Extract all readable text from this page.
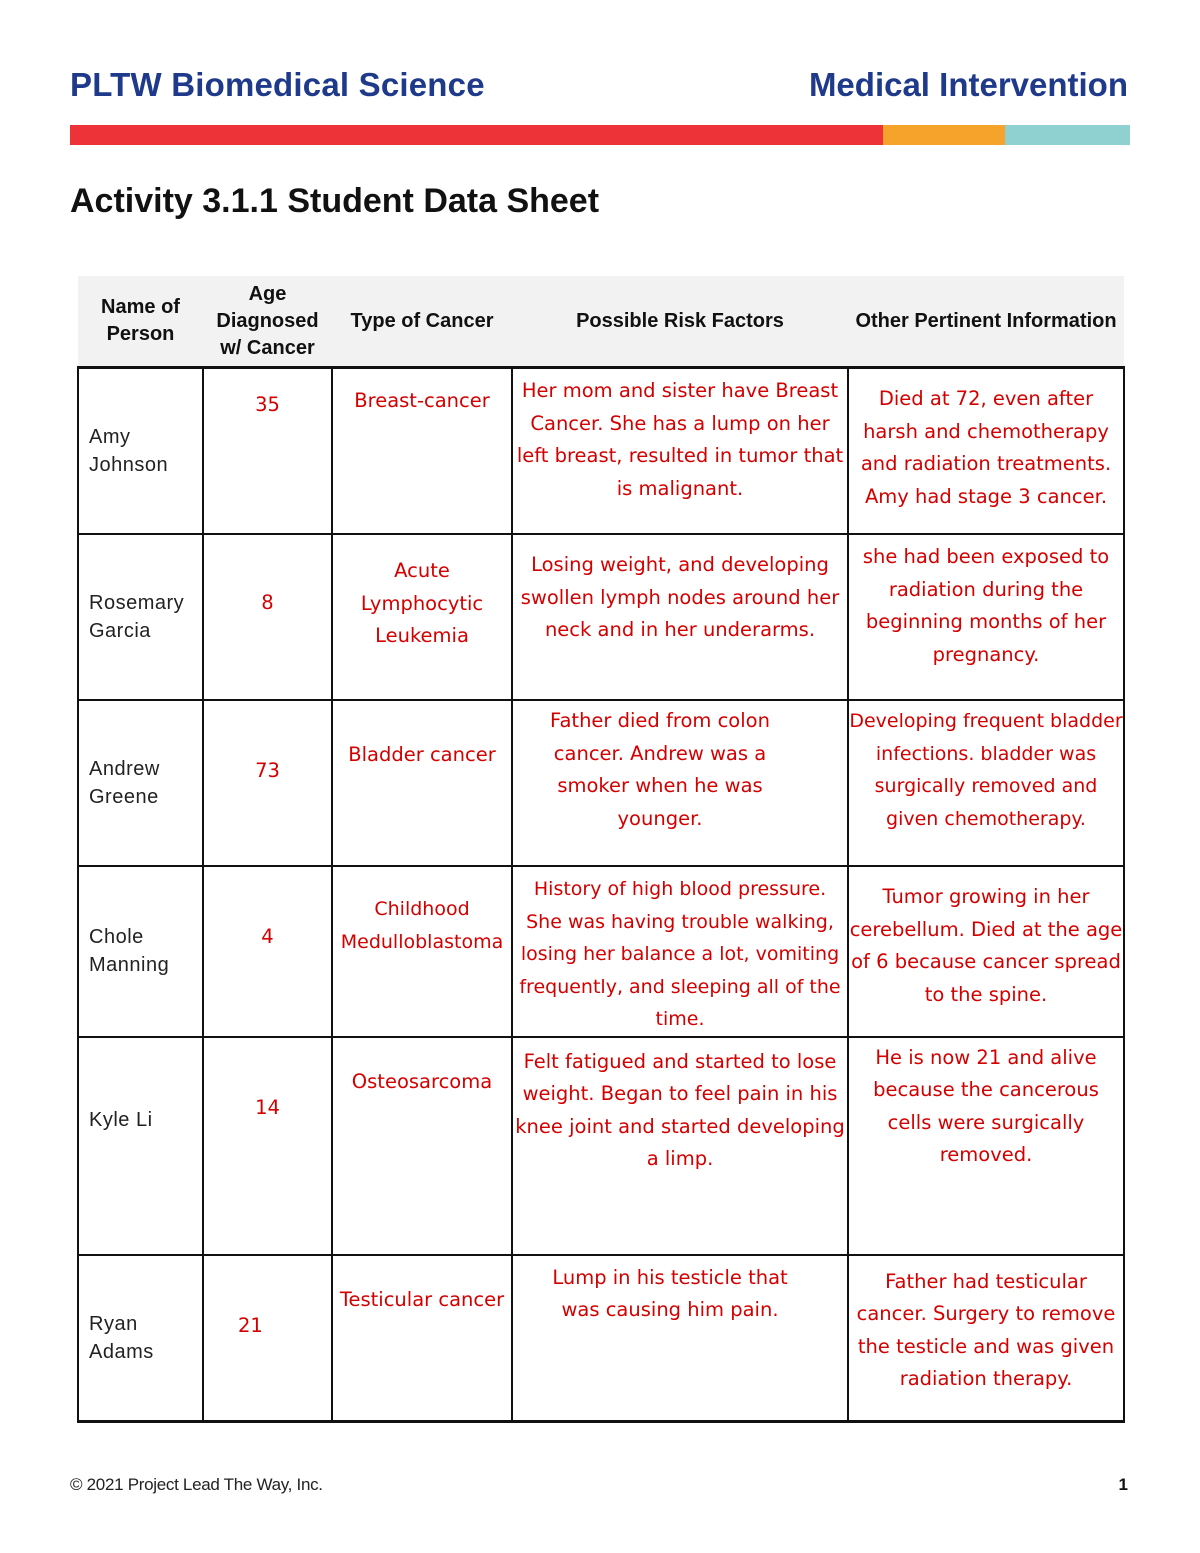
PLTW Biomedical Science	Medical Intervention
Activity 3.1.1 Student Data Sheet
Name of Person	Age Diagnosed w/ Cancer	Type of Cancer	Possible Risk Factors	Other Pertinent Information
Amy Johnson	35	Breast-cancer	Her mom and sister have Breast Cancer. She has a lump on her left breast, resulted in tumor that is malignant.	Died at 72, even after harsh and chemotherapy and radiation treatments. Amy had stage 3 cancer.

Rosemary Garcia	8	Acute Lymphocytic Leukemia	Losing weight, and developing swollen lymph nodes around her neck and in her underarms.	she had been exposed to radiation during the beginning months of her pregnancy.

Andrew Greene	73	Bladder cancer	Father died from colon cancer. Andrew was a smoker when he was younger.	Developing frequent bladder infections. bladder was surgically removed and given chemotherapy.

Chole Manning	4	Childhood Medulloblastoma	History of high blood pressure. She was having trouble walking, losing her balance a lot, vomiting frequently, and sleeping all of the time.	Tumor growing in her cerebellum. Died at the age of 6 because cancer spread to the spine.

Kyle Li	14	Osteosarcoma	Felt fatigued and started to lose weight. Began to feel pain in his knee joint and started developing a limp.	He is now 21 and alive because the cancerous cells were surgically removed.

Ryan Adams	21	Testicular cancer	Lump in his testicle that was causing him pain.	Father had testicular cancer. Surgery to remove the testicle and was given radiation therapy.
© 2021 Project Lead The Way, Inc.	1
